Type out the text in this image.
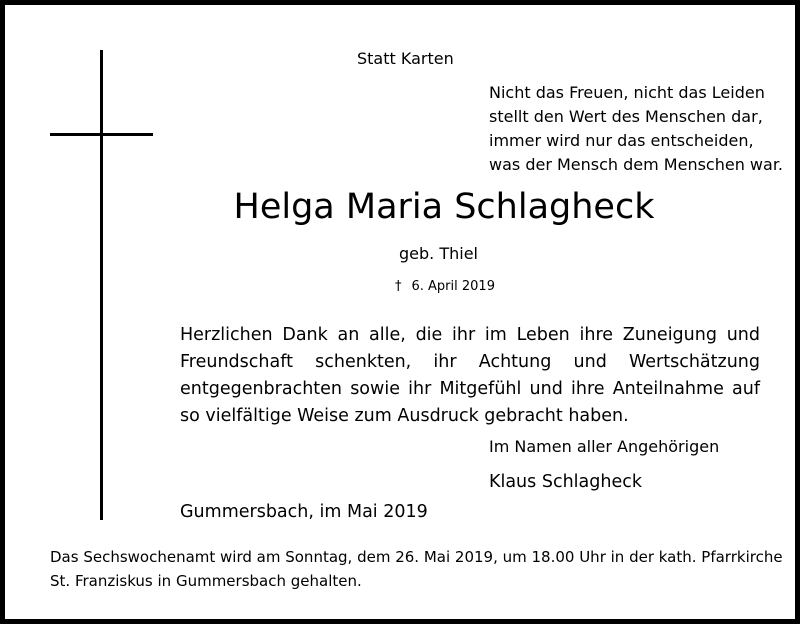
Statt Karten
Nicht das Freuen, nicht das Leiden
stellt den Wert des Menschen dar,
immer wird nur das entscheiden,
was der Mensch dem Menschen war.
Helga Maria Schlagheck
geb. Thiel
† 6. April 2019
Herzlichen Dank an alle, die ihr im Leben ihre Zuneigung und Freundschaft schenkten, ihr Achtung und Wertschätzung entgegenbrachten sowie ihr Mitgefühl und ihre Anteilnahme auf so vielfältige Weise zum Ausdruck gebracht haben.
Im Namen aller Angehörigen
Klaus Schlagheck
Gummersbach, im Mai 2019
Das Sechswochenamt wird am Sonntag, dem 26. Mai 2019, um 18.00 Uhr in der kath. Pfarrkirche
St. Franziskus in Gummersbach gehalten.
